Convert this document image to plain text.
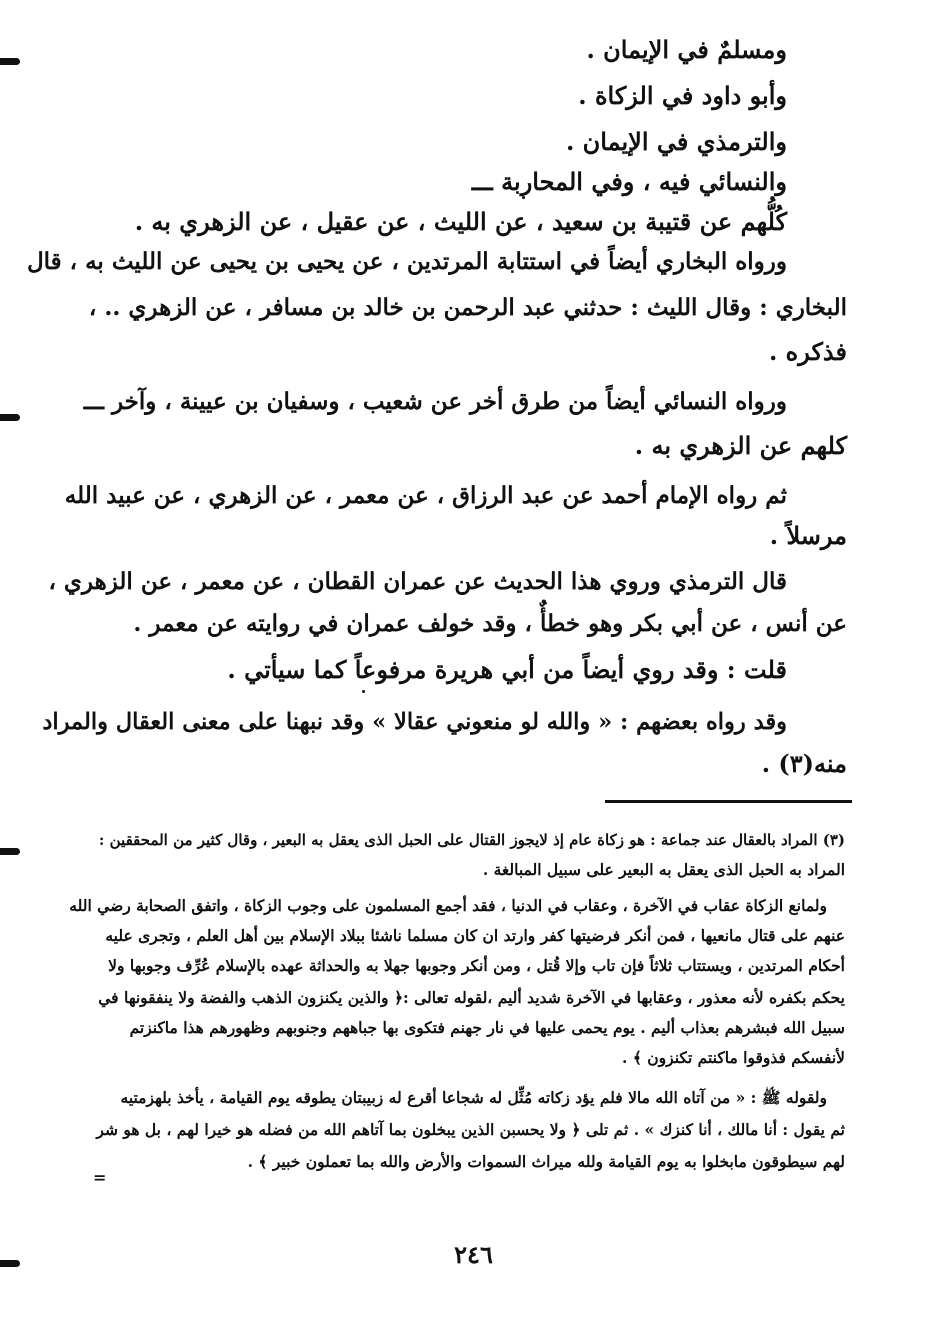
ومسلمٌ في الإيمان .
وأبو داود في الزكاة .
والترمذي في الإيمان .
والنسائي فيه ، وفي المحاربة ـــ
كُلُّهم عن قتيبة بن سعيد ، عن الليث ، عن عقيل ، عن الزهري به .
ورواه البخاري أيضاً في استتابة المرتدين ، عن يحيى بن يحيى عن الليث به ، قال
البخاري : وقال الليث : حدثني عبد الرحمن بن خالد بن مسافر ، عن الزهري .. ،
فذكره .
ورواه النسائي أيضاً من طرق أخر عن شعيب ، وسفيان بن عيينة ، وآخر ـــ
كلهم عن الزهري به .
ثم رواه الإمام أحمد عن عبد الرزاق ، عن معمر ، عن الزهري ، عن عبيد الله
مرسلاً .
قال الترمذي وروي هذا الحديث عن عمران القطان ، عن معمر ، عن الزهري ،
عن أنس ، عن أبي بكر وهو خطأٌ ، وقد خولف عمران في روايته عن معمر .
قلت : وقد روي أيضاً من أبي هريرة مرفوعاً كما سيأتي .
وقد رواه بعضهم : « والله لو منعوني عقالا » وقد نبهنا على معنى العقال والمراد
منه(٣) .
(٣) المراد بالعقال عند جماعة : هو زكاة عام إذ لايجوز القتال على الحبل الذى يعقل به البعير ، وقال كثير من المحققين :
المراد به الحبل الذى يعقل به البعير على سبيل المبالغة .
ولمانع الزكاة عقاب في الآخرة ، وعقاب في الدنيا ، فقد أجمع المسلمون على وجوب الزكاة ، واتفق الصحابة رضي الله
عنهم على قتال مانعيها ، فمن أنكر فرضيتها كفر وارتد ان كان مسلما ناشئا ببلاد الإسلام بين أهل العلم ، وتجرى عليه
أحكام المرتدين ، ويستتاب ثلاثاً فإن تاب وإلا قُتل ، ومن أنكر وجوبها جهلا به والحداثة عهده بالإسلام عُرِّف وجوبها ولا
يحكم بكفره لأنه معذور ، وعقابها في الآخرة شديد أليم ،لقوله تعالى :﴿ والذين يكنزون الذهب والفضة ولا ينفقونها في
سبيل الله فبشرهم بعذاب أليم . يوم يحمى عليها في نار جهنم فتكوى بها جباههم وجنوبهم وظهورهم هذا ماكنزتم
لأنفسكم فذوقوا ماكنتم تكنزون ﴾ .
ولقوله ﷺ : « من آتاه الله مالا فلم يؤد زكاته مُثِّل له شجاعا أقرع له زبيبتان يطوقه يوم القيامة ، يأخذ بلهزمتيه
ثم يقول : أنا مالك ، أنا كنزك » . ثم تلى ﴿ ولا يحسبن الذين يبخلون بما آتاهم الله من فضله هو خيرا لهم ، بل هو شر
لهم سيطوقون مابخلوا به يوم القيامة ولله ميراث السموات والأرض والله بما تعملون خبير ﴾ .
=
٢٤٦
